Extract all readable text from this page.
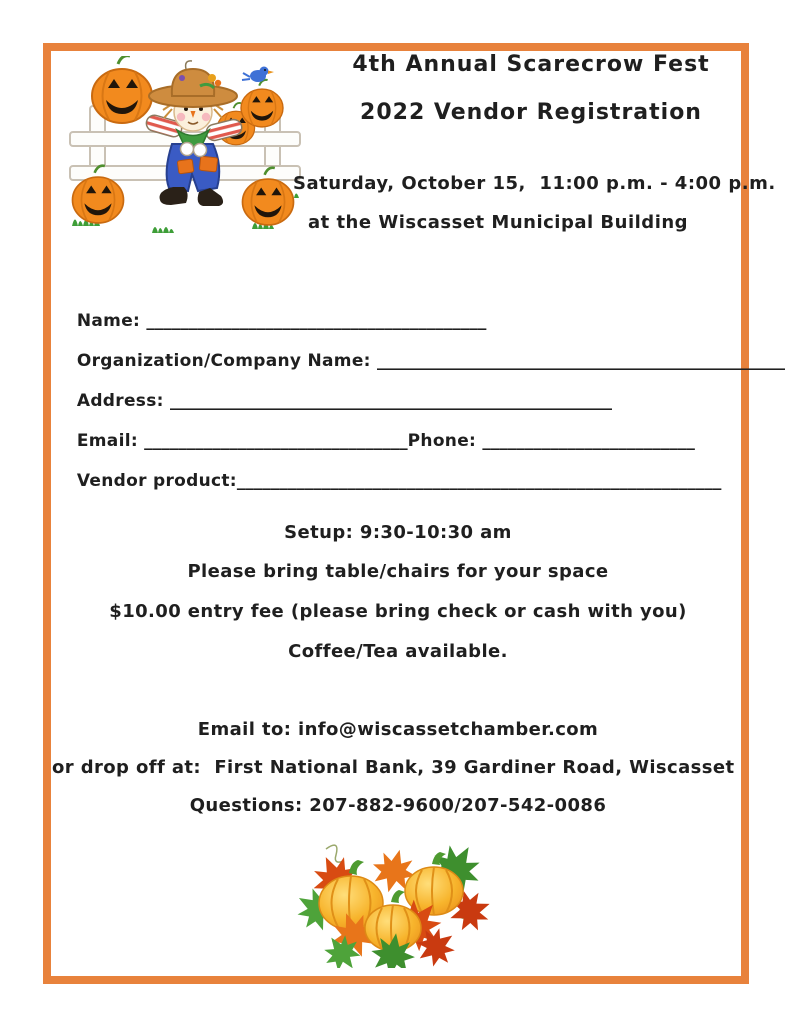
4th Annual Scarecrow Fest
2022 Vendor Registration
Saturday, October 15,  11:00 p.m. - 4:00 p.m.
at the Wiscasset Municipal Building

Name: ________________________________________

Organization/Company Name: ________________________________________________

Address: ____________________________________________________

Email: _______________________________Phone: _________________________

Vendor product:_________________________________________________________

Setup: 9:30-10:30 am
Please bring table/chairs for your space
$10.00 entry fee (please bring check or cash with you)
Coffee/Tea available.
Email to: info@wiscassetchamber.com
or drop off at:  First National Bank, 39 Gardiner Road, Wiscasset
Questions: 207-882-9600/207-542-0086
